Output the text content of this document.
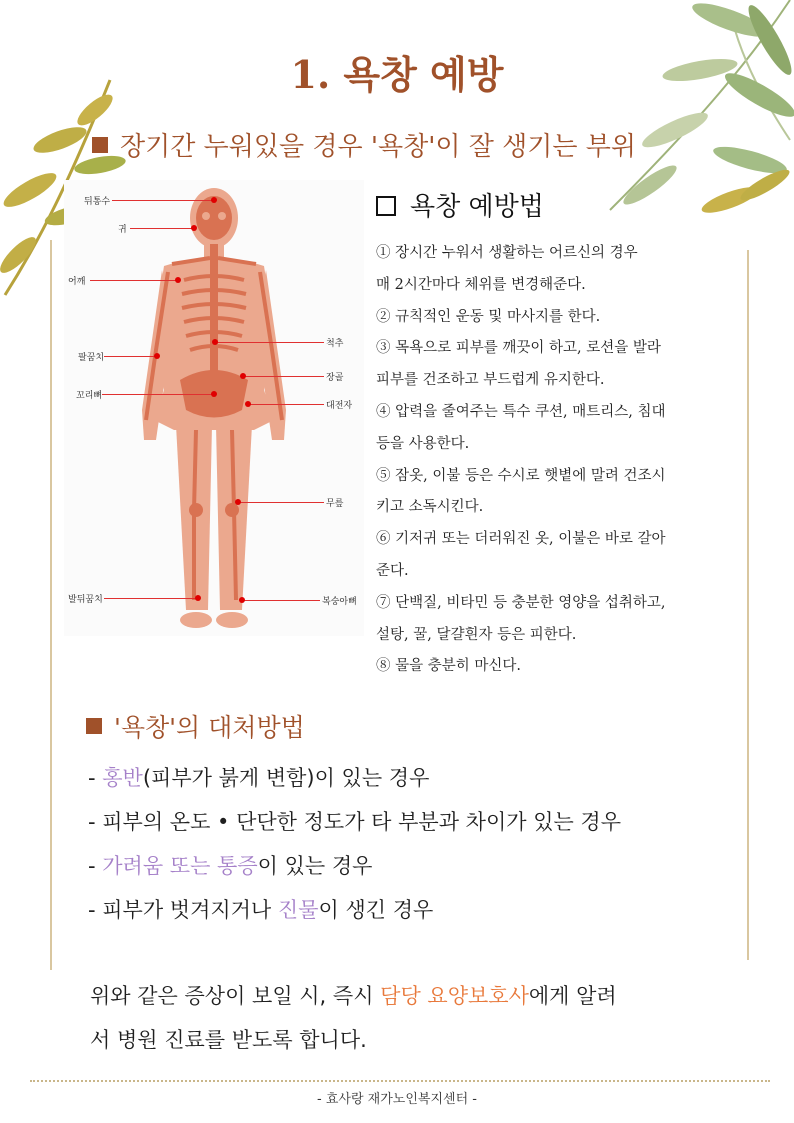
1. 욕창 예방
장기간 누워있을 경우 '욕창'이 잘 생기는 부위
뒤통수
귀
어깨
팔꿈치
꼬리뼈
척추
장골
대전자
무릎
발뒤꿈치	복숭아뼈
욕창 예방법

① 장시간 누워서 생활하는 어르신의 경우

매 2시간마다 체위를 변경해준다.

② 규칙적인 운동 및 마사지를 한다.

③ 목욕으로 피부를 깨끗이 하고, 로션을 발라

피부를 건조하고 부드럽게 유지한다.

④ 압력을 줄여주는 특수 쿠션, 매트리스, 침대

등을 사용한다.

⑤ 잠옷, 이불 등은 수시로 햇볕에 말려 건조시

키고 소독시킨다.

⑥ 기저귀 또는 더러워진 옷, 이불은 바로 갈아

준다.

⑦ 단백질, 비타민 등 충분한 영양을 섭취하고,

설탕, 꿀, 달걀흰자 등은 피한다.

⑧ 물을 충분히 마신다.

'욕창'의 대처방법

- 홍반(피부가 붉게 변함)이 있는 경우

- 피부의 온도 • 단단한 정도가 타 부분과 차이가 있는 경우

- 가려움 또는 통증이 있는 경우

- 피부가 벗겨지거나 진물이 생긴 경우

위와 같은 증상이 보일 시, 즉시 담당 요양보호사에게 알려

서 병원 진료를 받도록 합니다.

- 효사랑 재가노인복지센터 -
